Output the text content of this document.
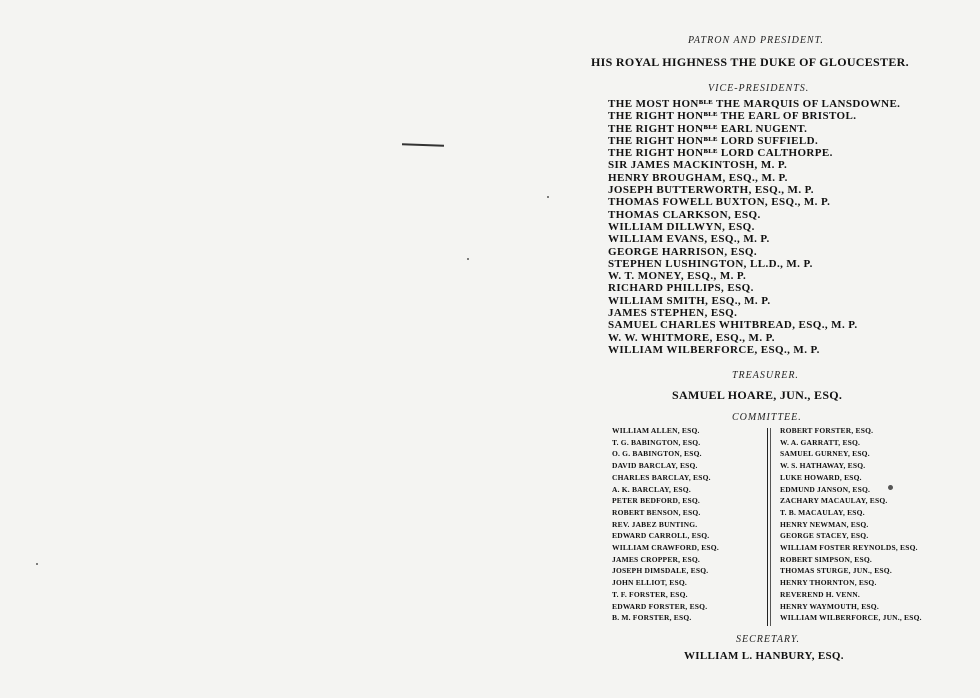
PATRON AND PRESIDENT.
HIS ROYAL HIGHNESS THE DUKE OF GLOUCESTER.
VICE-PRESIDENTS.
THE MOST HONᴮᴸᴱ THE MARQUIS OF LANSDOWNE.
THE RIGHT HONᴮᴸᴱ THE EARL OF BRISTOL.
THE RIGHT HONᴮᴸᴱ EARL NUGENT.
THE RIGHT HONᴮᴸᴱ LORD SUFFIELD.
THE RIGHT HONᴮᴸᴱ LORD CALTHORPE.
SIR JAMES MACKINTOSH, M. P.
HENRY BROUGHAM, ESQ., M. P.
JOSEPH BUTTERWORTH, ESQ., M. P.
THOMAS FOWELL BUXTON, ESQ., M. P.
THOMAS CLARKSON, ESQ.
WILLIAM DILLWYN, ESQ.
WILLIAM EVANS, ESQ., M. P.
GEORGE HARRISON, ESQ.
STEPHEN LUSHINGTON, LL.D., M. P.
W. T. MONEY, ESQ., M. P.
RICHARD PHILLIPS, ESQ.
WILLIAM SMITH, ESQ., M. P.
JAMES STEPHEN, ESQ.
SAMUEL CHARLES WHITBREAD, ESQ., M. P.
W. W. WHITMORE, ESQ., M. P.
WILLIAM WILBERFORCE, ESQ., M. P.
TREASURER.
SAMUEL HOARE, JUN., ESQ.
COMMITTEE.
WILLIAM ALLEN, ESQ.
T. G. BABINGTON, ESQ.
O. G. BABINGTON, ESQ.
DAVID BARCLAY, ESQ.
CHARLES BARCLAY, ESQ.
A. K. BARCLAY, ESQ.
PETER BEDFORD, ESQ.
ROBERT BENSON, ESQ.
REV. JABEZ BUNTING.
EDWARD CARROLL, ESQ.
WILLIAM CRAWFORD, ESQ.
JAMES CROPPER, ESQ.
JOSEPH DIMSDALE, ESQ.
JOHN ELLIOT, ESQ.
T. F. FORSTER, ESQ.
EDWARD FORSTER, ESQ.
B. M. FORSTER, ESQ.
ROBERT FORSTER, ESQ.
W. A. GARRATT, ESQ.
SAMUEL GURNEY, ESQ.
W. S. HATHAWAY, ESQ.
LUKE HOWARD, ESQ.
EDMUND JANSON, ESQ.
ZACHARY MACAULAY, ESQ.
T. B. MACAULAY, ESQ.
HENRY NEWMAN, ESQ.
GEORGE STACEY, ESQ.
WILLIAM FOSTER REYNOLDS, ESQ.
ROBERT SIMPSON, ESQ.
THOMAS STURGE, JUN., ESQ.
HENRY THORNTON, ESQ.
REVEREND H. VENN.
HENRY WAYMOUTH, ESQ.
WILLIAM WILBERFORCE, JUN., ESQ.
SECRETARY.
WILLIAM L. HANBURY, ESQ.
